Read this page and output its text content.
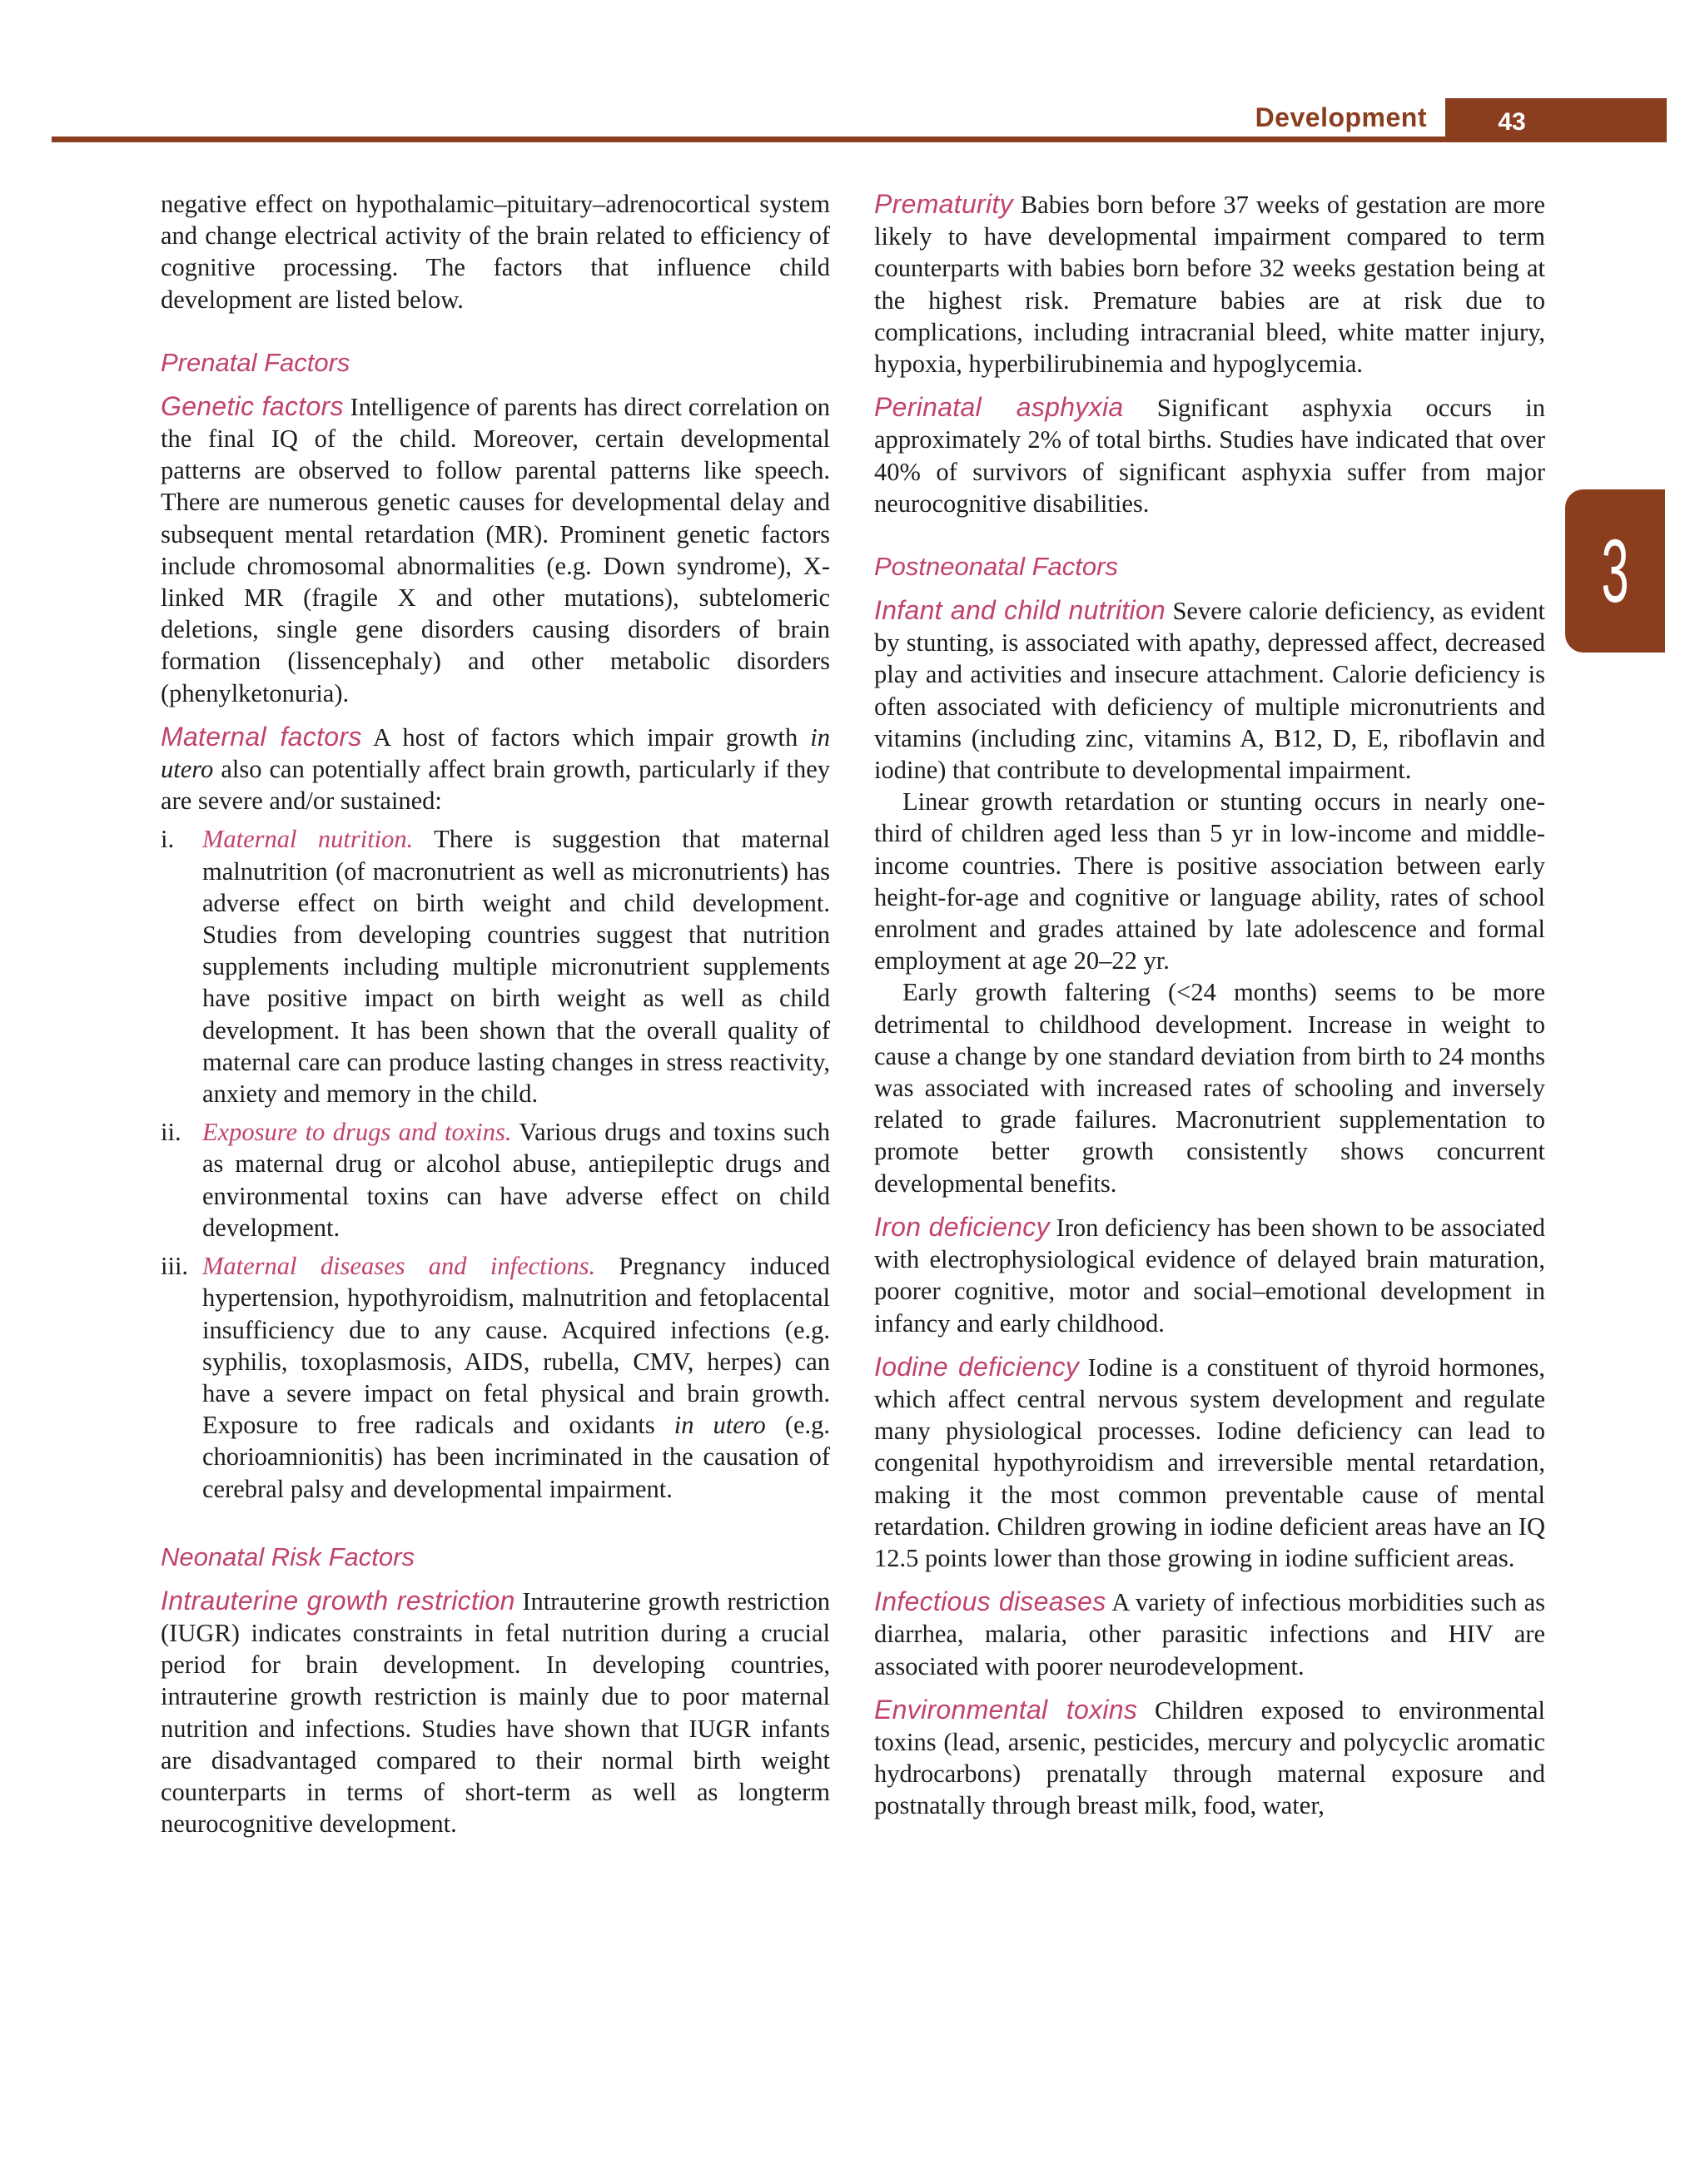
Development	43
3

negative effect on hypothalamic–pituitary–adrenocortical system and change electrical activity of the brain related to efficiency of cognitive processing. The factors that influence child development are listed below.

Prenatal Factors

Genetic factors Intelligence of parents has direct correlation on the final IQ of the child. Moreover, certain developmental patterns are observed to follow parental patterns like speech. There are numerous genetic causes for developmental delay and subsequent mental retardation (MR). Prominent genetic factors include chromosomal abnormalities (e.g. Down syndrome), X-linked MR (fragile X and other mutations), subtelomeric deletions, single gene disorders causing disorders of brain formation (lissencephaly) and other metabolic disorders (phenylketonuria).

Maternal factors A host of factors which impair growth in utero also can potentially affect brain growth, particularly if they are severe and/or sustained:

i. Maternal nutrition. There is suggestion that maternal malnutrition (of macronutrient as well as micronutrients) has adverse effect on birth weight and child development. Studies from developing countries suggest that nutrition supplements including multiple micronutrient supplements have positive impact on birth weight as well as child development. It has been shown that the overall quality of maternal care can produce lasting changes in stress reactivity, anxiety and memory in the child.
ii. Exposure to drugs and toxins. Various drugs and toxins such as maternal drug or alcohol abuse, antiepileptic drugs and environmental toxins can have adverse effect on child development.
iii. Maternal diseases and infections. Pregnancy induced hypertension, hypothyroidism, malnutrition and fetoplacental insufficiency due to any cause. Acquired infections (e.g. syphilis, toxoplasmosis, AIDS, rubella, CMV, herpes) can have a severe impact on fetal physical and brain growth. Exposure to free radicals and oxidants in utero (e.g. chorioamnionitis) has been incriminated in the causation of cerebral palsy and developmental impairment.
Neonatal Risk Factors

Intrauterine growth restriction Intrauterine growth restriction (IUGR) indicates constraints in fetal nutrition during a crucial period for brain development. In developing countries, intrauterine growth restriction is mainly due to poor maternal nutrition and infections. Studies have shown that IUGR infants are disadvantaged compared to their normal birth weight counterparts in terms of short-term as well as longterm neurocognitive development.

Prematurity Babies born before 37 weeks of gestation are more likely to have developmental impairment compared to term counterparts with babies born before 32 weeks gestation being at the highest risk. Premature babies are at risk due to complications, including intracranial bleed, white matter injury, hypoxia, hyperbilirubinemia and hypoglycemia.

Perinatal asphyxia Significant asphyxia occurs in approximately 2% of total births. Studies have indicated that over 40% of survivors of significant asphyxia suffer from major neurocognitive disabilities.

Postneonatal Factors

Infant and child nutrition Severe calorie deficiency, as evident by stunting, is associated with apathy, depressed affect, decreased play and activities and insecure attachment. Calorie deficiency is often associated with deficiency of multiple micronutrients and vitamins (including zinc, vitamins A, B12, D, E, riboflavin and iodine) that contribute to developmental impairment.

Linear growth retardation or stunting occurs in nearly one-third of children aged less than 5 yr in low-income and middle-income countries. There is positive association between early height-for-age and cognitive or language ability, rates of school enrolment and grades attained by late adolescence and formal employment at age 20–22 yr.

Early growth faltering (<24 months) seems to be more detrimental to childhood development. Increase in weight to cause a change by one standard deviation from birth to 24 months was associated with increased rates of schooling and inversely related to grade failures. Macronutrient supplementation to promote better growth consistently shows concurrent developmental benefits.

Iron deficiency Iron deficiency has been shown to be associated with electrophysiological evidence of delayed brain maturation, poorer cognitive, motor and social–emotional development in infancy and early childhood.

Iodine deficiency Iodine is a constituent of thyroid hormones, which affect central nervous system development and regulate many physiological processes. Iodine deficiency can lead to congenital hypothyroidism and irreversible mental retardation, making it the most common preventable cause of mental retardation. Children growing in iodine deficient areas have an IQ 12.5 points lower than those growing in iodine sufficient areas.

Infectious diseases A variety of infectious morbidities such as diarrhea, malaria, other parasitic infections and HIV are associated with poorer neurodevelopment.

Environmental toxins Children exposed to environmental toxins (lead, arsenic, pesticides, mercury and polycyclic aromatic hydrocarbons) prenatally through maternal exposure and postnatally through breast milk, food, water,
